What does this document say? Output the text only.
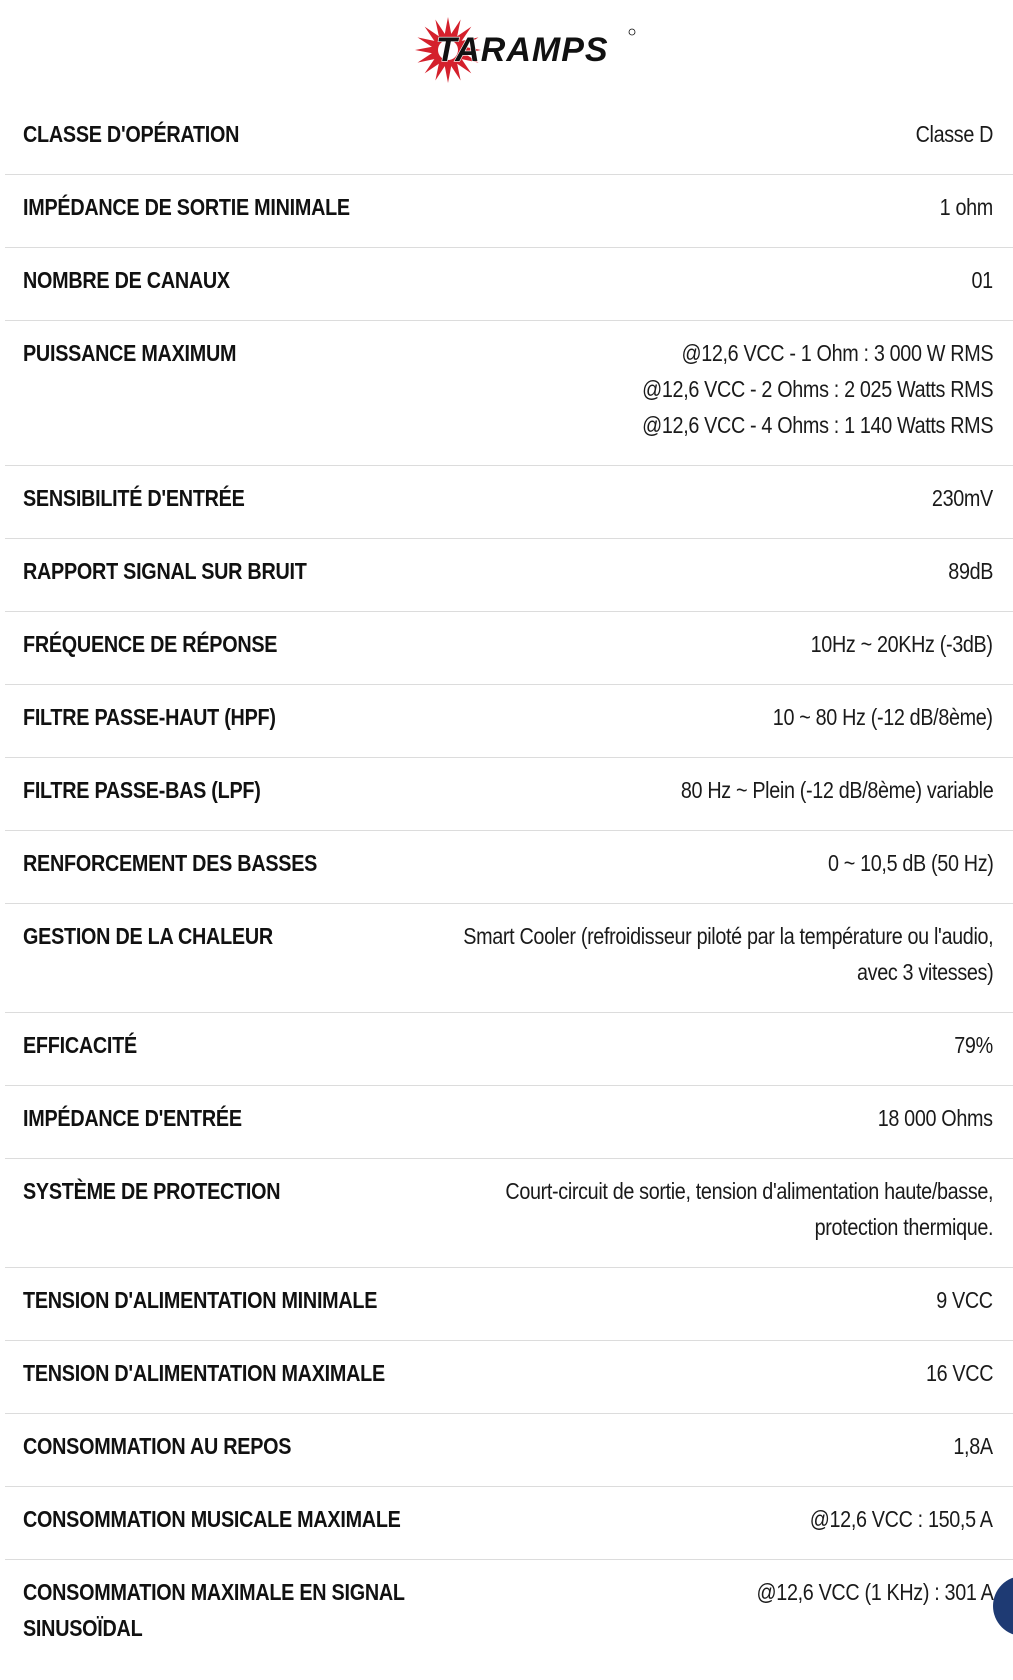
TARAMPS
CLASSE D'OPÉRATION	Classe D
IMPÉDANCE DE SORTIE MINIMALE	1 ohm
NOMBRE DE CANAUX	01
PUISSANCE MAXIMUM	@12,6 VCC - 1 Ohm : 3 000 W RMS
@12,6 VCC - 2 Ohms : 2 025 Watts RMS
@12,6 VCC - 4 Ohms : 1 140 Watts RMS
SENSIBILITÉ D'ENTRÉE	230mV
RAPPORT SIGNAL SUR BRUIT	89dB
FRÉQUENCE DE RÉPONSE	10Hz ~ 20KHz (-3dB)
FILTRE PASSE-HAUT (HPF)	10 ~ 80 Hz (-12 dB/8ème)
FILTRE PASSE-BAS (LPF)	80 Hz ~ Plein (-12 dB/8ème) variable
RENFORCEMENT DES BASSES	0 ~ 10,5 dB (50 Hz)
GESTION DE LA CHALEUR	Smart Cooler (refroidisseur piloté par la température ou l'audio,
avec 3 vitesses)
EFFICACITÉ	79%
IMPÉDANCE D'ENTRÉE	18 000 Ohms
SYSTÈME DE PROTECTION	Court-circuit de sortie, tension d'alimentation haute/basse,
protection thermique.
TENSION D'ALIMENTATION MINIMALE	9 VCC
TENSION D'ALIMENTATION MAXIMALE	16 VCC
CONSOMMATION AU REPOS	1,8A
CONSOMMATION MUSICALE MAXIMALE	@12,6 VCC : 150,5 A
CONSOMMATION MAXIMALE EN SIGNAL
SINUSOÏDAL
@12,6 VCC (1 KHz) : 301 A
